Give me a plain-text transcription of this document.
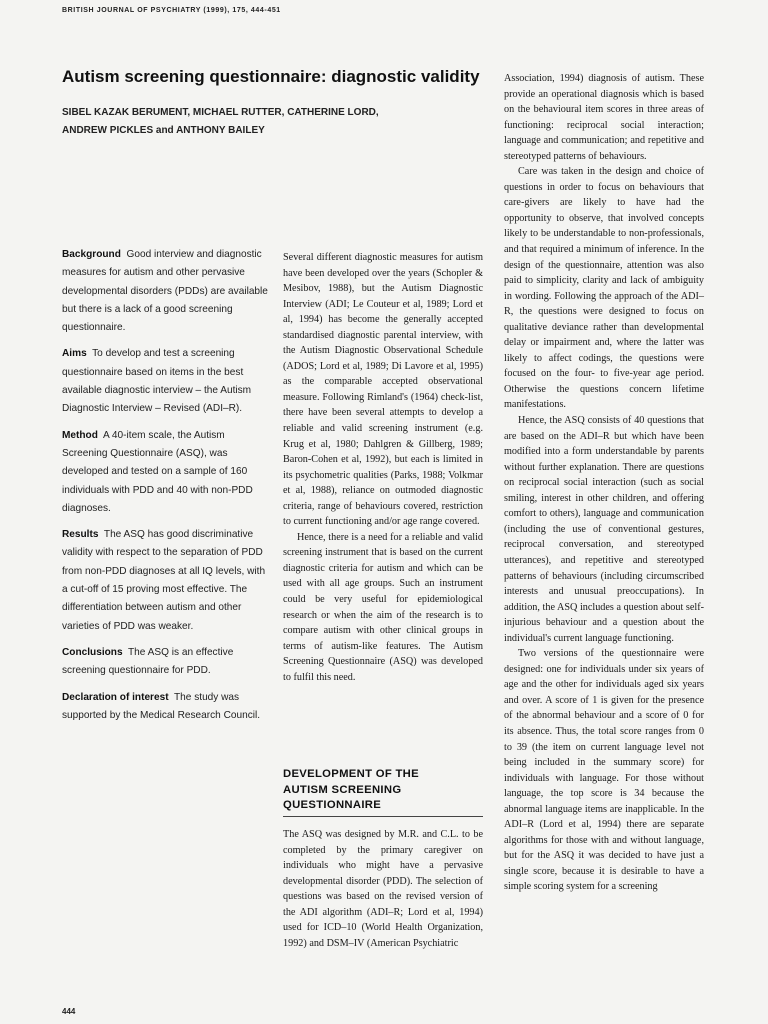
BRITISH JOURNAL OF PSYCHIATRY (1999), 175, 444-451
Autism screening questionnaire: diagnostic validity
SIBEL KAZAK BERUMENT, MICHAEL RUTTER, CATHERINE LORD,
ANDREW PICKLES and ANTHONY BAILEY

Background Good interview and diagnostic measures for autism and other pervasive developmental disorders (PDDs) are available but there is a lack of a good screening questionnaire.

Aims To develop and test a screening questionnaire based on items in the best available diagnostic interview – the Autism Diagnostic Interview – Revised (ADI–R).

Method A 40-item scale, the Autism Screening Questionnaire (ASQ), was developed and tested on a sample of 160 individuals with PDD and 40 with non-PDD diagnoses.

Results The ASQ has good discriminative validity with respect to the separation of PDD from non-PDD diagnoses at all IQ levels, with a cut-off of 15 proving most effective. The differentiation between autism and other varieties of PDD was weaker.

Conclusions The ASQ is an effective screening questionnaire for PDD.

Declaration of interest The study was supported by the Medical Research Council.

Several different diagnostic measures for autism have been developed over the years (Schopler & Mesibov, 1988), but the Autism Diagnostic Interview (ADI; Le Couteur et al, 1989; Lord et al, 1994) has become the generally accepted standardised diagnostic parental interview, with the Autism Diagnostic Observational Schedule (ADOS; Lord et al, 1989; Di Lavore et al, 1995) as the comparable accepted observational measure. Following Rimland's (1964) check-list, there have been several attempts to develop a reliable and valid screening instrument (e.g. Krug et al, 1980; Dahlgren & Gillberg, 1989; Baron-Cohen et al, 1992), but each is limited in its psychometric qualities (Parks, 1988; Volkmar et al, 1988), reliance on outmoded diagnostic criteria, range of behaviours covered, restriction to current functioning and/or age range covered.

Hence, there is a need for a reliable and valid screening instrument that is based on the current diagnostic criteria for autism and which can be used with all age groups. Such an instrument could be very useful for epidemiological research or when the aim of the research is to compare autism with other clinical groups in terms of autism-like features. The Autism Screening Questionnaire (ASQ) was developed to fulfil this need.

DEVELOPMENT OF THE
AUTISM SCREENING
QUESTIONNAIRE

The ASQ was designed by M.R. and C.L. to be completed by the primary caregiver on individuals who might have a pervasive developmental disorder (PDD). The selection of questions was based on the revised version of the ADI algorithm (ADI–R; Lord et al, 1994) used for ICD–10 (World Health Organization, 1992) and DSM–IV (American Psychiatric

Association, 1994) diagnosis of autism. These provide an operational diagnosis which is based on the behavioural item scores in three areas of functioning: reciprocal social interaction; language and communication; and repetitive and stereotyped patterns of behaviours.

Care was taken in the design and choice of questions in order to focus on behaviours that care-givers are likely to have had the opportunity to observe, that involved concepts likely to be understandable to non-professionals, and that required a minimum of inference. In the design of the questionnaire, attention was also paid to simplicity, clarity and lack of ambiguity in wording. Following the approach of the ADI–R, the questions were designed to focus on qualitative deviance rather than developmental delay or impairment and, where the latter was likely to affect codings, the questions were focused on the four- to five-year age period. Otherwise the questions concern lifetime manifestations.

Hence, the ASQ consists of 40 questions that are based on the ADI–R but which have been modified into a form understandable by parents without further explanation. There are questions on reciprocal social interaction (such as social smiling, interest in other children, and offering comfort to others), language and communication (including the use of conventional gestures, reciprocal conversation, and stereotyped utterances), and repetitive and stereotyped patterns of behaviours (including circumscribed interests and unusual preoccupations). In addition, the ASQ includes a question about self-injurious behaviour and a question about the individual's current language functioning.

Two versions of the questionnaire were designed: one for individuals under six years of age and the other for individuals aged six years and over. A score of 1 is given for the presence of the abnormal behaviour and a score of 0 for its absence. Thus, the total score ranges from 0 to 39 (the item on current language level not being included in the summary score) for individuals with language. For those without language, the top score is 34 because the abnormal language items are inapplicable. In the ADI–R (Lord et al, 1994) there are separate algorithms for those with and without language, but for the ASQ it was decided to have just a single score, because it is desirable to have a simple scoring system for a screening

444
